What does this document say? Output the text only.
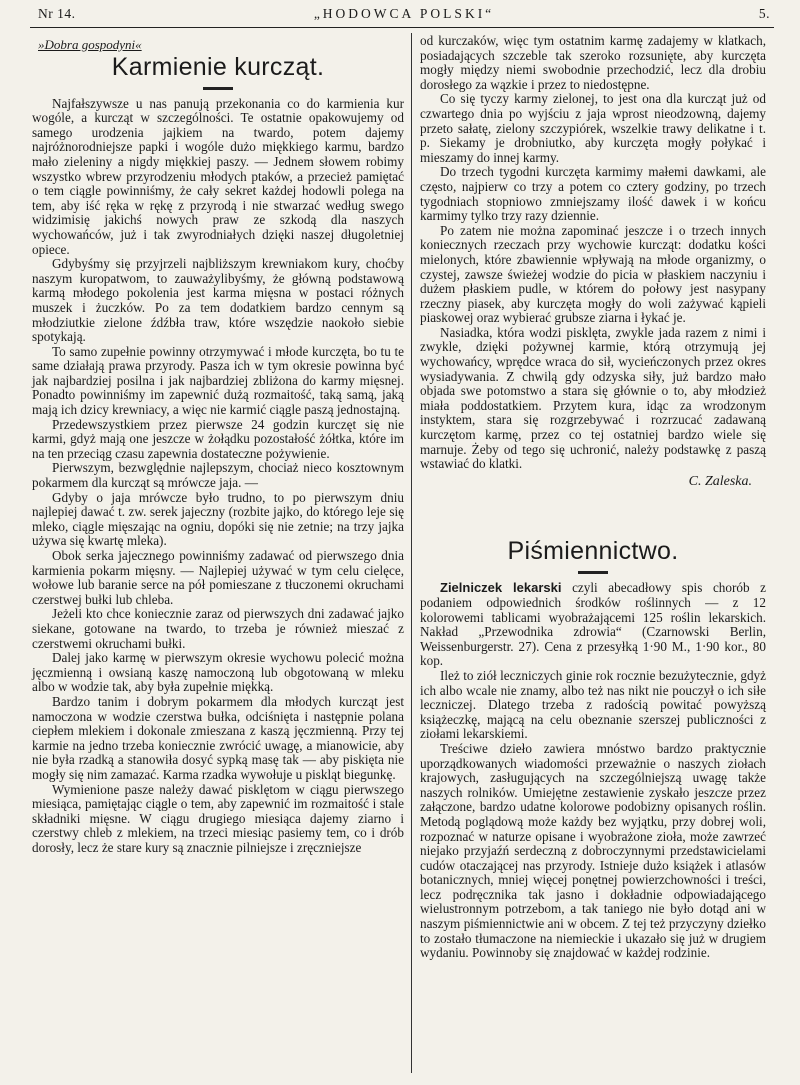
Nr 14.	„HODOWCA POLSKI“	5.
»Dobra gospodyni«
Karmienie kurcząt.

Najfałszywsze u nas panują przekonania co do karmienia kur wogóle, a kurcząt w szczególności. Te ostatnie opakowujemy od samego urodzenia jajkiem na twardo, potem dajemy najróżnorodniejsze papki i wogóle dużo miękkiego karmu, bardzo mało zieleniny a nigdy miękkiej paszy. — Jednem słowem robimy wszystko wbrew przyrodzeniu młodych ptaków, a przecież pamiętać o tem ciągle powinniśmy, że cały sekret każdej hodowli polega na tem, aby iść ręka w rękę z przyrodą i nie stwarzać według swego widzimisię jakichś nowych praw ze szkodą dla naszych wychowańców, już i tak zwyrodniałych dzięki naszej długoletniej opiece.

Gdybyśmy się przyjrzeli najbliższym krewniakom kury, choćby naszym kuropatwom, to zauważylibyśmy, że główną podstawową karmą młodego pokolenia jest karma mięsna w postaci różnych muszek i żuczków. Po za tem dodatkiem bardzo cennym są młodziutkie zielone źdźbła traw, które wszędzie naokoło siebie spotykają.

To samo zupełnie powinny otrzymywać i młode kurczęta, bo tu te same działają prawa przyrody. Pasza ich w tym okresie powinna być jak najbardziej posilna i jak najbardziej zbliżona do karmy mięsnej. Ponadto powinniśmy im zapewnić dużą rozmaitość, taką samą, jaką mają ich dzicy krewniacy, a więc nie karmić ciągle paszą jednostajną.

Przedewszystkiem przez pierwsze 24 godzin kurczęt się nie karmi, gdyż mają one jeszcze w żołądku pozostałość żółtka, które im na ten przeciąg czasu zapewnia dostateczne pożywienie.

Pierwszym, bezwględnie najlepszym, chociaż nieco kosztownym pokarmem dla kurcząt są mrówcze jaja. —

Gdyby o jaja mrówcze było trudno, to po pierwszym dniu najlepiej dawać t. zw. serek jajeczny (rozbite jajko, do którego leje się mleko, ciągle mięszając na ogniu, dopóki się nie zetnie; na trzy jajka używa się kwartę mleka).

Obok serka jajecznego powinniśmy zadawać od pierwszego dnia karmienia pokarm mięsny. — Najlepiej używać w tym celu cielęce, wołowe lub baranie serce na pół pomieszane z tłuczonemi okruchami czerstwej bułki lub chleba.

Jeżeli kto chce koniecznie zaraz od pierwszych dni zadawać jajko siekane, gotowane na twardo, to trzeba je również mieszać z czerstwemi okruchami bułki.

Dalej jako karmę w pierwszym okresie wychowu polecić można jęczmienną i owsianą kaszę namoczoną lub obgotowaną w mleku albo w wodzie tak, aby była zupełnie miękką.

Bardzo tanim i dobrym pokarmem dla młodych kurcząt jest namoczona w wodzie czerstwa bułka, odciśnięta i następnie polana ciepłem mlekiem i dokonale zmieszana z kaszą jęczmienną. Przy tej karmie na jedno trzeba koniecznie zwrócić uwagę, a mianowicie, aby nie była rzadką a stanowiła dosyć sypką masę tak — aby piskięta nie mogły się nim zamazać. Karma rzadka wywołuje u piskląt biegunkę.

Wymienione pasze należy dawać pisklętom w ciągu pierwszego miesiąca, pamiętając ciągle o tem, aby zapewnić im rozmaitość i stale składniki mięsne. W ciągu drugiego miesiąca dajemy ziarno i czerstwy chleb z mlekiem, na trzeci miesiąc pasiemy tem, co i drób dorosły, lecz że stare kury są znacznie pilniejsze i zręczniejsze

od kurczaków, więc tym ostatnim karmę zadajemy w klatkach, posiadających szczeble tak szeroko rozsunięte, aby kurczęta mogły między niemi swobodnie przechodzić, lecz dla drobiu dorosłego za wązkie i przez to niedostępne.

Co się tyczy karmy zielonej, to jest ona dla kurcząt już od czwartego dnia po wyjściu z jaja wprost nieodzowną, dajemy przeto sałatę, zielony szczypiórek, wszelkie trawy delikatne i t. p. Siekamy je drobniutko, aby kurczęta mogły połykać i mieszamy do innej karmy.

Do trzech tygodni kurczęta karmimy małemi dawkami, ale często, najpierw co trzy a potem co cztery godziny, po trzech tygodniach stopniowo zmniejszamy ilość dawek i w końcu karmimy tylko trzy razy dziennie.

Po zatem nie można zapominać jeszcze i o trzech innych koniecznych rzeczach przy wychowie kurcząt: dodatku kości mielonych, które zbawiennie wpływają na młode organizmy, o czystej, zawsze świeżej wodzie do picia w płaskiem naczyniu i dużem płaskiem pudle, w którem do połowy jest nasypany rzeczny piasek, aby kurczęta mogły do woli zażywać kąpieli piaskowej oraz wybierać grubsze ziarna i łykać je.

Nasiadka, która wodzi pisklęta, zwykle jada razem z nimi i zwykle, dzięki pożywnej karmie, którą otrzymują jej wychowańcy, wprędce wraca do sił, wycieńczonych przez okres wysiadywania. Z chwilą gdy odzyska siły, już bardzo mało objada swe potomstwo a stara się głównie o to, aby młodzież miała poddostatkiem. Przytem kura, idąc za wrodzonym instyktem, stara się rozgrzebywać i rozrzucać zadawaną kurczętom karmę, przez co tej ostatniej bardzo wiele się marnuje. Żeby od tego się uchronić, należy podstawkę z paszą wstawiać do klatki.

C. Zaleska.
Piśmiennictwo.

Zielniczek lekarski czyli abecadłowy spis chorób z podaniem odpowiednich środków roślinnych — z 12 kolorowemi tablicami wyobrażającemi 125 roślin lekarskich. Nakład „Przewodnika zdrowia“ (Czarnowski Berlin, Weissenburgerstr. 27). Cena z przesyłką 1·90 M., 1·90 kor., 80 kop.

Ileż to ziół leczniczych ginie rok rocznie bezużytecznie, gdyż ich albo wcale nie znamy, albo też nas nikt nie pouczył o ich siłe leczniczej. Dlatego trzeba z radością powitać powyższą książeczkę, mającą na celu obeznanie szerszej publiczności z ziołami lekarskiemi.

Treściwe dzieło zawiera mnóstwo bardzo praktycznie uporządkowanych wiadomości przeważnie o naszych ziołach krajowych, zasługujących na szczególniejszą uwagę także naszych rolników. Umiejętne zestawienie zyskało jeszcze przez załączone, bardzo udatne kolorowe podobizny opisanych roślin. Metodą poglądową może każdy bez wyjątku, przy dobrej woli, rozpoznać w naturze opisane i wyobrażone zioła, może zawrzeć niejako przyjaźń serdeczną z dobroczynnymi przedstawicielami cudów otaczającej nas przyrody. Istnieje dużo książek i atlasów botanicznych, mniej więcej ponętnej powierzchowności i treści, lecz podręcznika tak jasno i dokładnie odpowiadającego wielustronnym potrzebom, a tak taniego nie było dotąd ani w naszym piśmiennictwie ani w obcem. Z tej też przyczyny dziełko to zostało tłumaczone na niemieckie i ukazało się już w drugiem wydaniu. Powinnoby się znajdować w każdej rodzinie.
